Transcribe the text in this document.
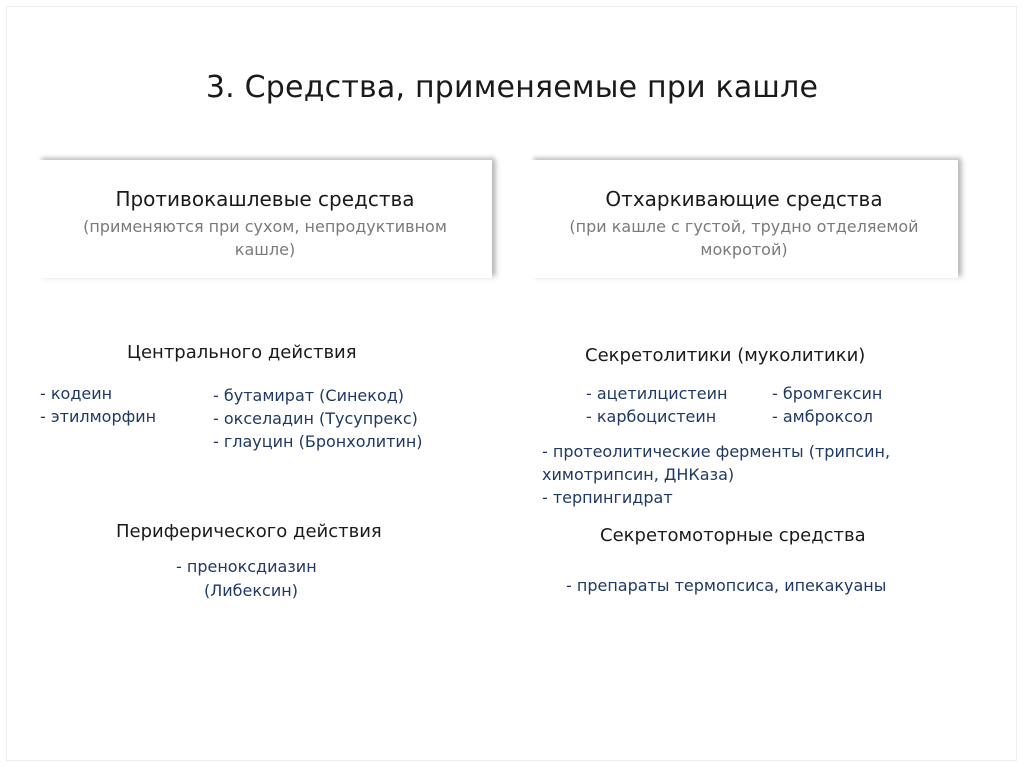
3. Средства, применяемые при кашле
Противокашлевые средства
(применяются при сухом, непродуктивном кашле)
Отхаркивающие средства
(при кашле с густой, трудно отделяемой мокротой)
Центрального действия
- кодеин
- этилморфин
- бутамират (Синекод)
- окселадин (Тусупрекс)
- глауцин (Бронхолитин)
Периферического действия
- преноксдиазин
(Либексин)
Секретолитики (муколитики)
- ацетилцистеин
- карбоцистеин
- бромгексин
- амброксол
- протеолитические ферменты (трипсин,
химотрипсин, ДНКаза)
- терпингидрат
Секретомоторные средства
- препараты термопсиса, ипекакуаны
